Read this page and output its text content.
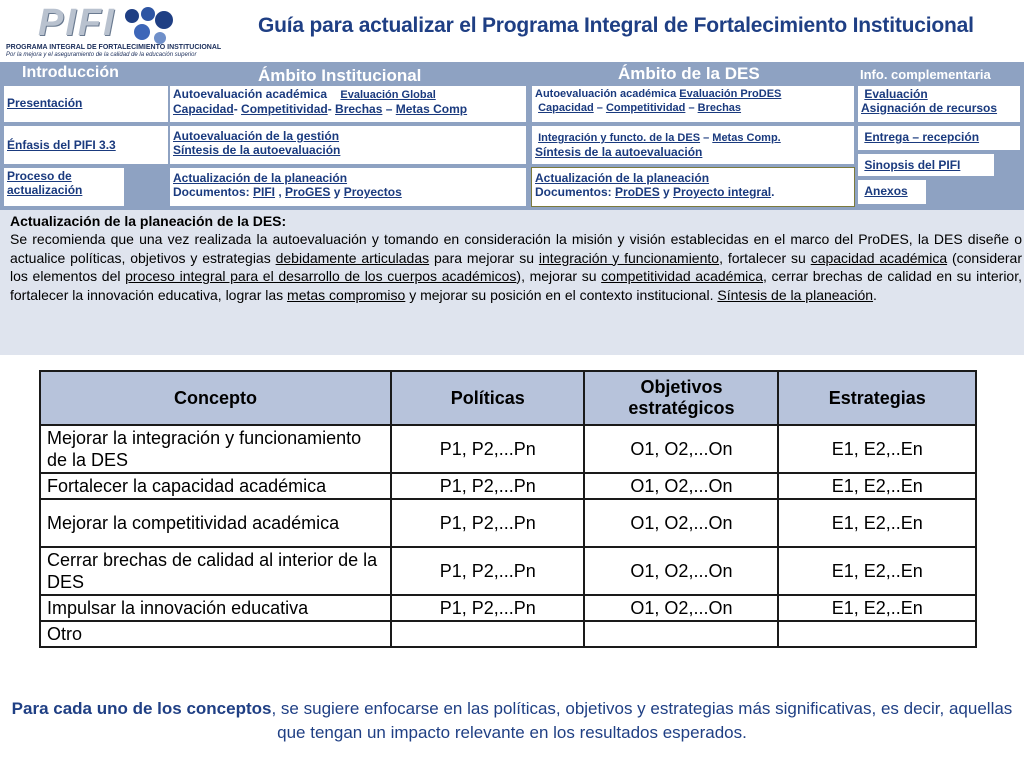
PIFI
PROGRAMA INTEGRAL DE FORTALECIMIENTO INSTITUCIONAL
Por la mejora y el aseguramiento de la calidad de la educación superior
Guía para actualizar el Programa Integral de Fortalecimiento Institucional
Introducción	Ámbito Institucional	Ámbito de la DES	Info. complementaria
Presentación
Énfasis del PIFI 3.3
Proceso de actualización
Autoevaluación académica Evaluación Global
Capacidad- Competitividad- Brechas – Metas Comp
Autoevaluación de la gestión
Síntesis de la autoevaluación
Actualización de la planeación
Documentos: PIFI , ProGES y Proyectos
Autoevaluación académica Evaluación ProDES
Capacidad – Competitividad – Brechas
Integración y functo. de la DES – Metas Comp.
Síntesis de la autoevaluación
Actualización de la planeación
Documentos: ProDES y Proyecto integral.
Evaluación
Asignación de recursos
Entrega – recepción
Sinopsis del PIFI
Anexos
Actualización de la planeación de la DES:
Se recomienda que una vez realizada la autoevaluación y tomando en consideración la misión y visión establecidas en el marco del ProDES, la DES diseñe o actualice políticas, objetivos y estrategias debidamente articuladas para mejorar su integración y funcionamiento, fortalecer su capacidad académica (considerar los elementos del proceso integral para el desarrollo de los cuerpos académicos), mejorar su competitividad académica, cerrar brechas de calidad en su interior, fortalecer la innovación educativa, lograr las metas compromiso y mejorar su posición en el contexto institucional. Síntesis de la planeación.
Concepto	Políticas	Objetivos estratégicos	Estrategias
Mejorar la integración y funcionamiento de la DES	P1, P2,...Pn	O1, O2,...On	E1, E2,..En
Fortalecer la capacidad académica	P1, P2,...Pn	O1, O2,...On	E1, E2,..En
Mejorar la competitividad académica	P1, P2,...Pn	O1, O2,...On	E1, E2,..En
Cerrar brechas de calidad al interior de la DES	P1, P2,...Pn	O1, O2,...On	E1, E2,..En
Impulsar la innovación educativa	P1, P2,...Pn	O1, O2,...On	E1, E2,..En
Otro			
Para cada uno de los conceptos, se sugiere enfocarse en las políticas, objetivos y estrategias más significativas, es decir, aquellas que tengan un impacto relevante en los resultados esperados.
